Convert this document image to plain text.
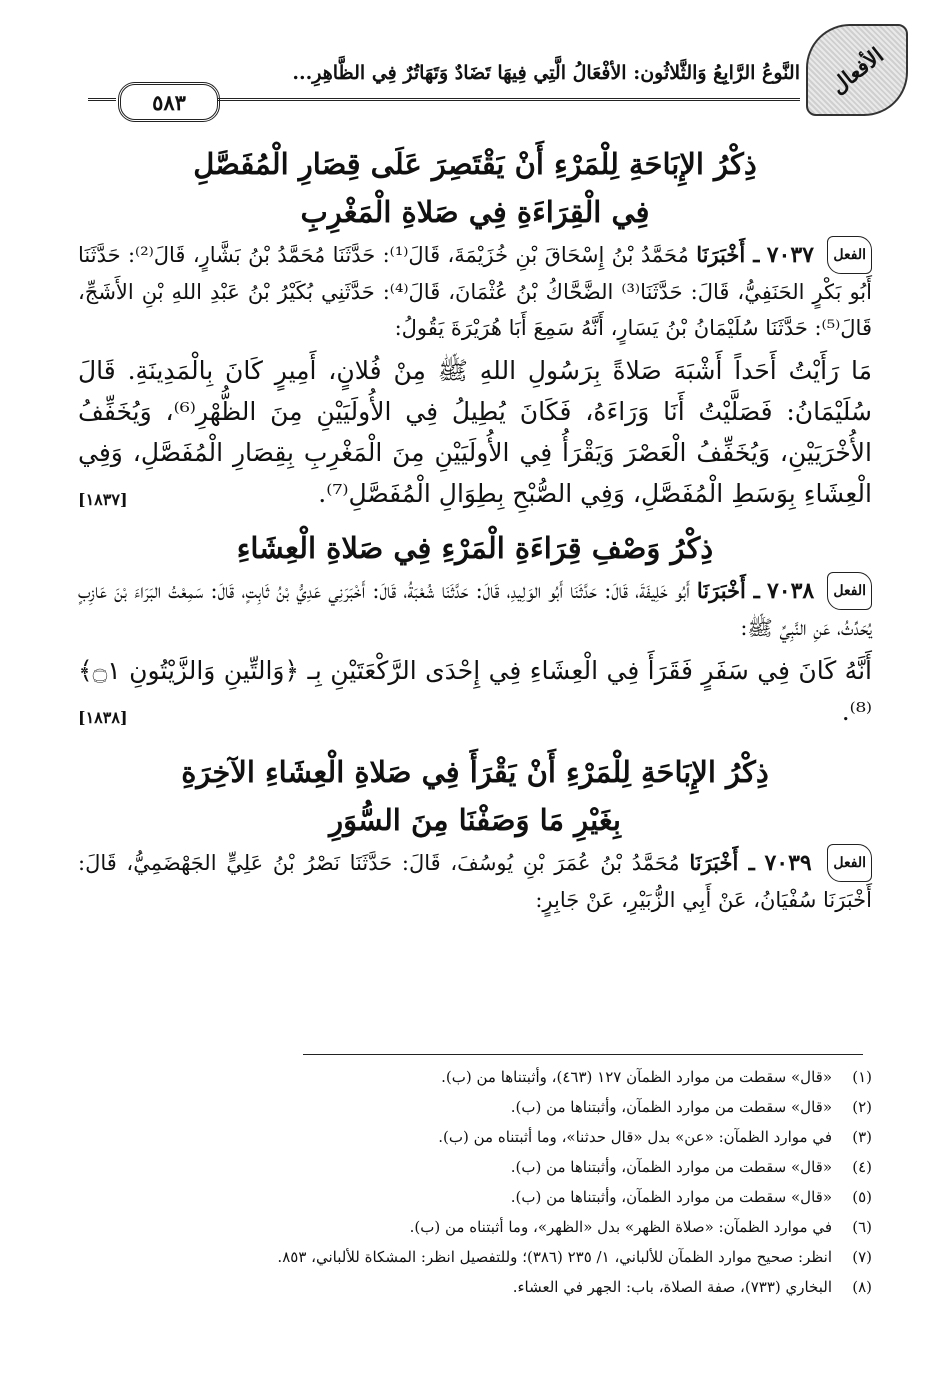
الأفعال
النَّوعُ الرَّابِعُ وَالثَّلاثُون: الأفْعَالُ الَّتِي فِيهَا تَضَادٌ وَتَهَاتُرٌ فِي الظَّاهِرِ...
٥٨٣

ذِكْرُ الإِبَاحَةِ لِلْمَرْءِ أَنْ يَقْتَصِرَ عَلَى قِصَارِ الْمُفَصَّلِ

فِي الْقِرَاءَةِ فِي صَلاةِ الْمَغْرِبِ

الفعل ٧٠٣٧ ـ أَخْبَرَنَا مُحَمَّدُ بْنُ إِسْحَاقَ بْنِ خُزَيْمَةَ، قَالَ⁽¹⁾: حَدَّثَنَا مُحَمَّدُ بْنُ بَشَّارٍ، قَالَ⁽²⁾: حَدَّثَنَا أَبُو بَكْرٍ الحَنَفِيُّ، قَالَ: حَدَّثَنَا⁽³⁾ الضَّحَّاكُ بْنُ عُثْمَانَ، قَالَ⁽⁴⁾: حَدَّثَنِي بُكَيْرُ بْنُ عَبْدِ اللهِ بْنِ الأَشَجِّ، قَالَ⁽⁵⁾: حَدَّثَنَا سُلَيْمَانُ بْنُ يَسَارٍ، أَنَّهُ سَمِعَ أَبَا هُرَيْرَةَ يَقُولُ:

مَا رَأَيْتُ أَحَداً أَشْبَهَ صَلاةً بِرَسُولِ اللهِ ﷺ مِنْ فُلانٍ، أَمِيرٍ كَانَ بِالْمَدِينَةِ. قَالَ سُلَيْمَانُ: فَصَلَّيْتُ أَنَا وَرَاءَهُ، فَكَانَ يُطِيلُ فِي الأُولَيَيْنِ مِنَ الظُّهْرِ⁽⁶⁾، وَيُخَفِّفُ الأُخْرَيَيْنِ، وَيُخَفِّفُ الْعَصْرَ وَيَقْرَأُ فِي الأُولَيَيْنِ مِنَ الْمَغْرِبِ بِقِصَارِ الْمُفَصَّلِ، وَفِي الْعِشَاءِ بِوَسَطِ الْمُفَصَّلِ، وَفِي الصُّبْحِ بِطِوَالِ الْمُفَصَّلِ⁽⁷⁾.
[١٨٣٧]

ذِكْرُ وَصْفِ قِرَاءَةِ الْمَرْءِ فِي صَلاةِ الْعِشَاءِ

الفعل ٧٠٣٨ ـ أَخْبَرَنَا أَبُو خَلِيفَةَ، قَالَ: حَدَّثَنَا أَبُو الوَلِيدِ، قَالَ: حَدَّثَنَا شُعْبَةُ، قَالَ: أَخْبَرَنِي عَدِيُّ بْنُ ثَابِتٍ، قَالَ: سَمِعْتُ البَرَاءَ بْنَ عَازِبٍ يُحَدِّثُ، عَنِ النَّبِيِّ ﷺ:

أَنَّهُ كَانَ فِي سَفَرٍ فَقَرَأَ فِي الْعِشَاءِ فِي إِحْدَى الرَّكْعَتَيْنِ بِـ ﴿وَالتِّينِ وَالزَّيْتُونِ ۝١﴾⁽⁸⁾.
[١٨٣٨]

ذِكْرُ الإِبَاحَةِ لِلْمَرْءِ أَنْ يَقْرَأَ فِي صَلاةِ الْعِشَاءِ الآخِرَةِ

بِغَيْرِ مَا وَصَفْنَا مِنَ السُّوَرِ

الفعل ٧٠٣٩ ـ أَخْبَرَنَا مُحَمَّدُ بْنُ عُمَرَ بْنِ يُوسُفَ، قَالَ: حَدَّثَنَا نَصْرُ بْنُ عَلِيٍّ الجَهْضَمِيُّ، قَالَ: أَخْبَرَنَا سُفْيَانُ، عَنْ أَبِي الزُّبَيْرِ، عَنْ جَابِرٍ:

(١)
«قال» سقطت من موارد الظمآن ١٢٧ (٤٦٣)، وأثبتناها من (ب).
(٢)
«قال» سقطت من موارد الظمآن، وأثبتناها من (ب).
(٣)
في موارد الظمآن: «عن» بدل «قال حدثنا»، وما أثبتناه من (ب).
(٤)
«قال» سقطت من موارد الظمآن، وأثبتناها من (ب).
(٥)
«قال» سقطت من موارد الظمآن، وأثبتناها من (ب).
(٦)
في موارد الظمآن: «صلاة الظهر» بدل «الظهر»، وما أثبتناه من (ب).
(٧)
انظر: صحيح موارد الظمآن للألباني، ١/ ٢٣٥ (٣٨٦)؛ وللتفصيل انظر: المشكاة للألباني، ٨٥٣.
(٨)
البخاري (٧٣٣)، صفة الصلاة، باب: الجهر في العشاء.
